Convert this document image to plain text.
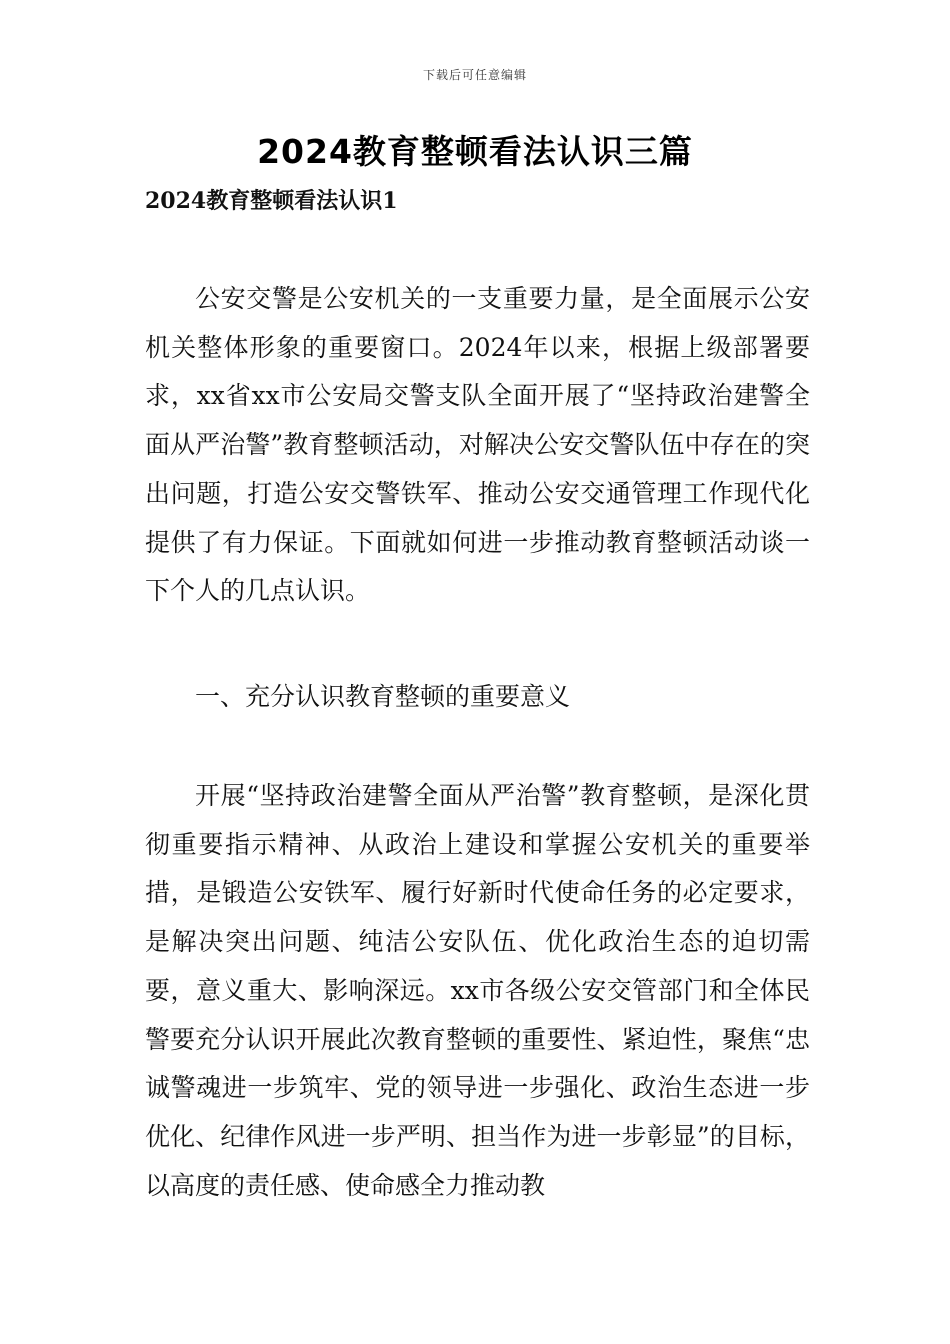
下载后可任意编辑
2024教育整顿看法认识三篇
2024教育整顿看法认识1

公安交警是公安机关的一支重要力量，是全面展示公安机关整体形象的重要窗口。2024年以来，根据上级部署要求，xx省xx市公安局交警支队全面开展了“坚持政治建警全面从严治警”教育整顿活动，对解决公安交警队伍中存在的突出问题，打造公安交警铁军、推动公安交通管理工作现代化提供了有力保证。下面就如何进一步推动教育整顿活动谈一下个人的几点认识。

一、充分认识教育整顿的重要意义

开展“坚持政治建警全面从严治警”教育整顿，是深化贯彻重要指示精神、从政治上建设和掌握公安机关的重要举措，是锻造公安铁军、履行好新时代使命任务的必定要求，是解决突出问题、纯洁公安队伍、优化政治生态的迫切需要，意义重大、影响深远。xx市各级公安交管部门和全体民警要充分认识开展此次教育整顿的重要性、紧迫性，聚焦“忠诚警魂进一步筑牢、党的领导进一步强化、政治生态进一步优化、纪律作风进一步严明、担当作为进一步彰显”的目标，以高度的责任感、使命感全力推动教
